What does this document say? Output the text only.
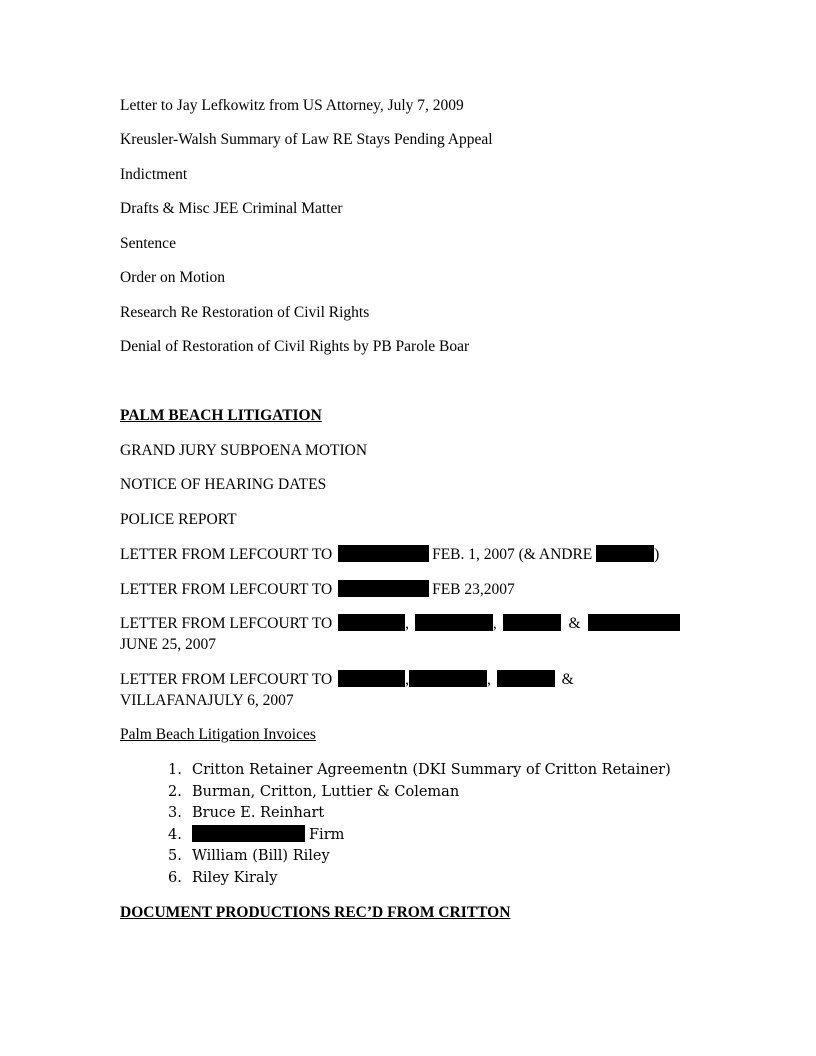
Letter to Jay Lefkowitz from US Attorney, July 7, 2009
Kreusler-Walsh Summary of Law RE Stays Pending Appeal
Indictment
Drafts & Misc JEE Criminal Matter
Sentence
Order on Motion
Research Re Restoration of Civil Rights
Denial of Restoration of Civil Rights by PB Parole Boar
PALM BEACH LITIGATION
GRAND JURY SUBPOENA MOTION
NOTICE OF HEARING DATES
POLICE REPORT
LETTER FROM LEFCOURT TO	FEB. 1, 2007 (& ANDRE	)
LETTER FROM LEFCOURT TO	FEB 23,2007
LETTER FROM LEFCOURT TO	,	,	&
JUNE 25, 2007
LETTER FROM LEFCOURT TO	,	,	&
VILLAFANAJULY 6, 2007
Palm Beach Litigation Invoices
1. Critton Retainer Agreementn (DKI Summary of Critton Retainer)
2. Burman, Critton, Luttier & Coleman
3. Bruce E. Reinhart
4.	Firm
5. William (Bill) Riley
6. Riley Kiraly
DOCUMENT PRODUCTIONS REC’D FROM CRITTON
